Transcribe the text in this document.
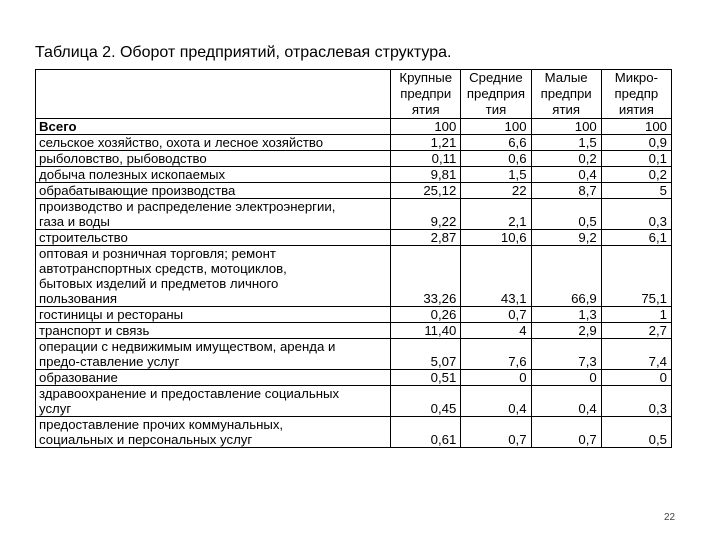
Таблица 2. Оборот предприятий, отраслевая структура.

	Крупные
предпри
ятия	Средние
предприя
тия	Малые
предпри
ятия	Микро-
предпр
иятия

Всего	100	100	100	100

сельское хозяйство, охота и лесное хозяйство	1,21	6,6	1,5	0,9

рыболовство, рыбоводство	0,11	0,6	0,2	0,1

добыча полезных ископаемых	9,81	1,5	0,4	0,2

обрабатывающие производства	25,12	22	8,7	5

производство и распределение электроэнергии,
газа и воды	9,22	2,1	0,5	0,3

строительство	2,87	10,6	9,2	6,1

оптовая и розничная торговля; ремонт
автотранспортных средств, мотоциклов,
бытовых изделий и предметов личного
пользования	33,26	43,1	66,9	75,1

гостиницы и рестораны	0,26	0,7	1,3	1

транспорт и связь	11,40	4	2,9	2,7

операции с недвижимым имуществом, аренда и
предо-ставление услуг	5,07	7,6	7,3	7,4

образование	0,51	0	0	0

здравоохранение и предоставление социальных
услуг	0,45	0,4	0,4	0,3

предоставление прочих коммунальных,
социальных и персональных услуг	0,61	0,7	0,7	0,5
22
